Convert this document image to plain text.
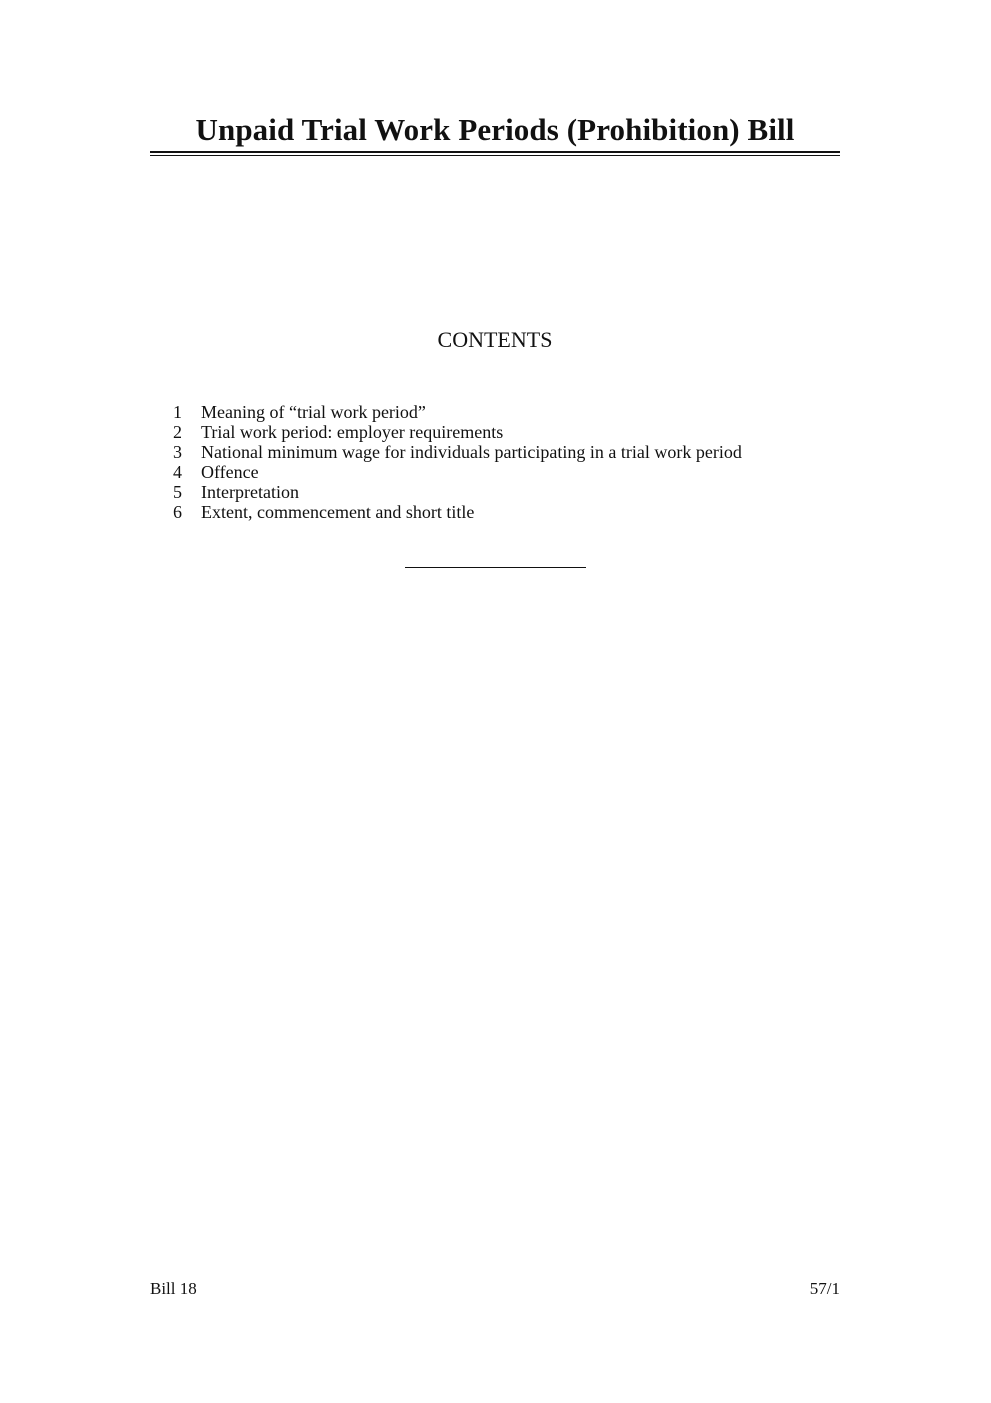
Unpaid Trial Work Periods (Prohibition) Bill
CONTENTS
1	Meaning of “trial work period”
2	Trial work period: employer requirements
3	National minimum wage for individuals participating in a trial work period
4	Offence
5	Interpretation
6	Extent, commencement and short title
Bill 18	57/1
